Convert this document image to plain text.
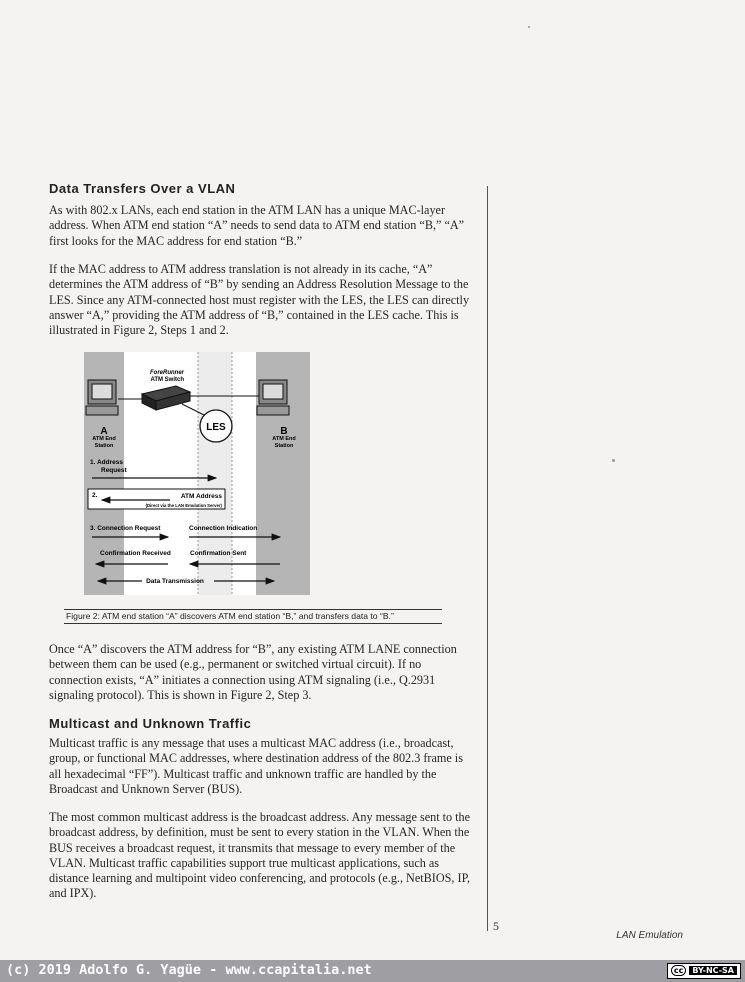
Data Transfers Over a VLAN

As with 802.x LANs, each end station in the ATM LAN has a unique MAC-layer address. When ATM end station “A” needs to send data to ATM end station “B,” “A” first looks for the MAC address for end station “B.”

If the MAC address to ATM address translation is not already in its cache, “A” determines the ATM address of “B” by sending an Address Resolution Message to the LES. Since any ATM-connected host must register with the LES, the LES can directly answer “A,” providing the ATM address of “B,” contained in the LES cache. This is illustrated in Figure 2, Steps 1 and 2.

ForeRunner
ATM Switch
LES
A
ATM End
Station
B
ATM End
Station
1. Address
Request
2.	ATM Address
(Direct via the LAN Emulation Server)
3. Connection Request	Connection Indication
Confirmation Received	Confirmation Sent
Data Transmission
Figure 2: ATM end station “A” discovers ATM end station “B,” and transfers data to “B.”

Once “A” discovers the ATM address for “B”, any existing ATM LANE connection between them can be used (e.g., permanent or switched virtual circuit). If no connection exists, “A” initiates a connection using ATM signaling (i.e., Q.2931 signaling protocol). This is shown in Figure 2, Step 3.

Multicast and Unknown Traffic

Multicast traffic is any message that uses a multicast MAC address (i.e., broadcast, group, or functional MAC addresses, where destination address of the 802.3 frame is all hexadecimal “FF”). Multicast traffic and unknown traffic are handled by the Broadcast and Unknown Server (BUS).

The most common multicast address is the broadcast address. Any message sent to the broadcast address, by definition, must be sent to every station in the VLAN. When the BUS receives a broadcast request, it transmits that message to every member of the VLAN. Multicast traffic capabilities support true multicast applications, such as distance learning and multipoint video conferencing, and protocols (e.g., NetBIOS, IP, and IPX).

5
LAN Emulation
(c) 2019 Adolfo G. Yagüe - www.ccapitalia.net	cc BY-NC-SA
